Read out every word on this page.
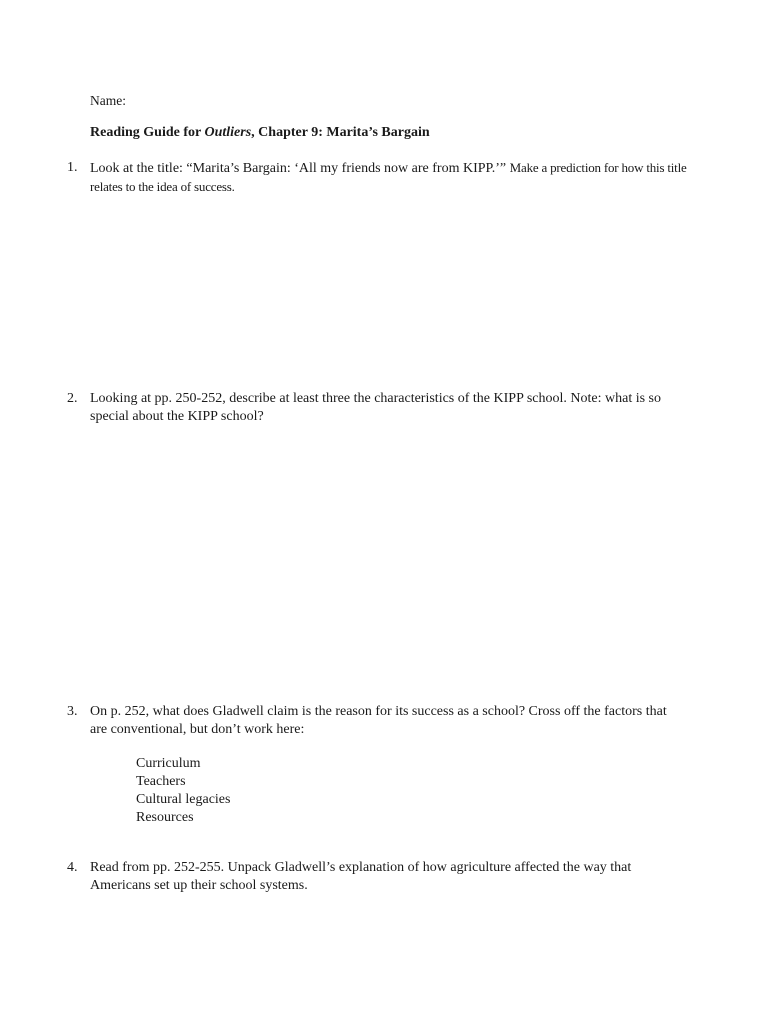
Name:
Reading Guide for Outliers, Chapter 9: Marita’s Bargain
1. Look at the title: “Marita’s Bargain: ‘All my friends now are from KIPP.’” Make a prediction for how this title relates to the idea of success.
2. Looking at pp. 250-252, describe at least three the characteristics of the KIPP school. Note: what is so special about the KIPP school?
3. On p. 252, what does Gladwell claim is the reason for its success as a school? Cross off the factors that are conventional, but don’t work here:
Curriculum
Teachers
Cultural legacies
Resources
4. Read from pp. 252-255. Unpack Gladwell’s explanation of how agriculture affected the way that Americans set up their school systems.
